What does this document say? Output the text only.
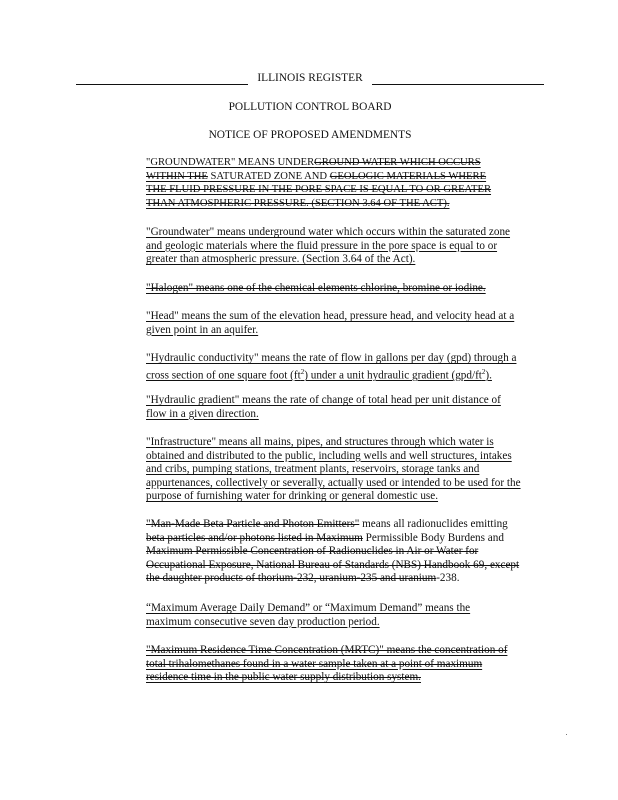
ILLINOIS REGISTER
POLLUTION CONTROL BOARD
NOTICE OF PROPOSED AMENDMENTS
"GROUNDWATER" MEANS UNDERGROUND WATER WHICH OCCURS
WITHIN THE SATURATED ZONE AND GEOLOGIC MATERIALS WHERE
THE FLUID PRESSURE IN THE PORE SPACE IS EQUAL TO OR GREATER
THAN ATMOSPHERIC PRESSURE. (SECTION 3.64 OF THE ACT).
"Groundwater" means underground water which occurs within the saturated zone
and geologic materials where the fluid pressure in the pore space is equal to or
greater than atmospheric pressure. (Section 3.64 of the Act).
"Halogen" means one of the chemical elements chlorine, bromine or iodine.
"Head" means the sum of the elevation head, pressure head, and velocity head at a
given point in an aquifer.
"Hydraulic conductivity" means the rate of flow in gallons per day (gpd) through a
cross section of one square foot $(ft^2)$ under a unit hydraulic gradient $(gpd/ft^2)$.
"Hydraulic gradient" means the rate of change of total head per unit distance of
flow in a given direction.
"Infrastructure" means all mains, pipes, and structures through which water is
obtained and distributed to the public, including wells and well structures, intakes
and cribs, pumping stations, treatment plants, reservoirs, storage tanks and
appurtenances, collectively or severally, actually used or intended to be used for the
purpose of furnishing water for drinking or general domestic use.
"Man-Made Beta Particle and Photon Emitters" means all radionuclides emitting
beta particles and/or photons listed in Maximum Permissible Body Burdens and
Maximum Permissible Concentration of Radionuclides in Air or Water for
Occupational Exposure, National Bureau of Standards (NBS) Handbook 69, except
the daughter products of thorium-232, uranium-235 and uranium-238.
“Maximum Average Daily Demand” or “Maximum Demand” means the
maximum consecutive seven day production period.
"Maximum Residence Time Concentration (MRTC)" means the concentration of
total trihalomethanes found in a water sample taken at a point of maximum
residence time in the public water supply distribution system.
